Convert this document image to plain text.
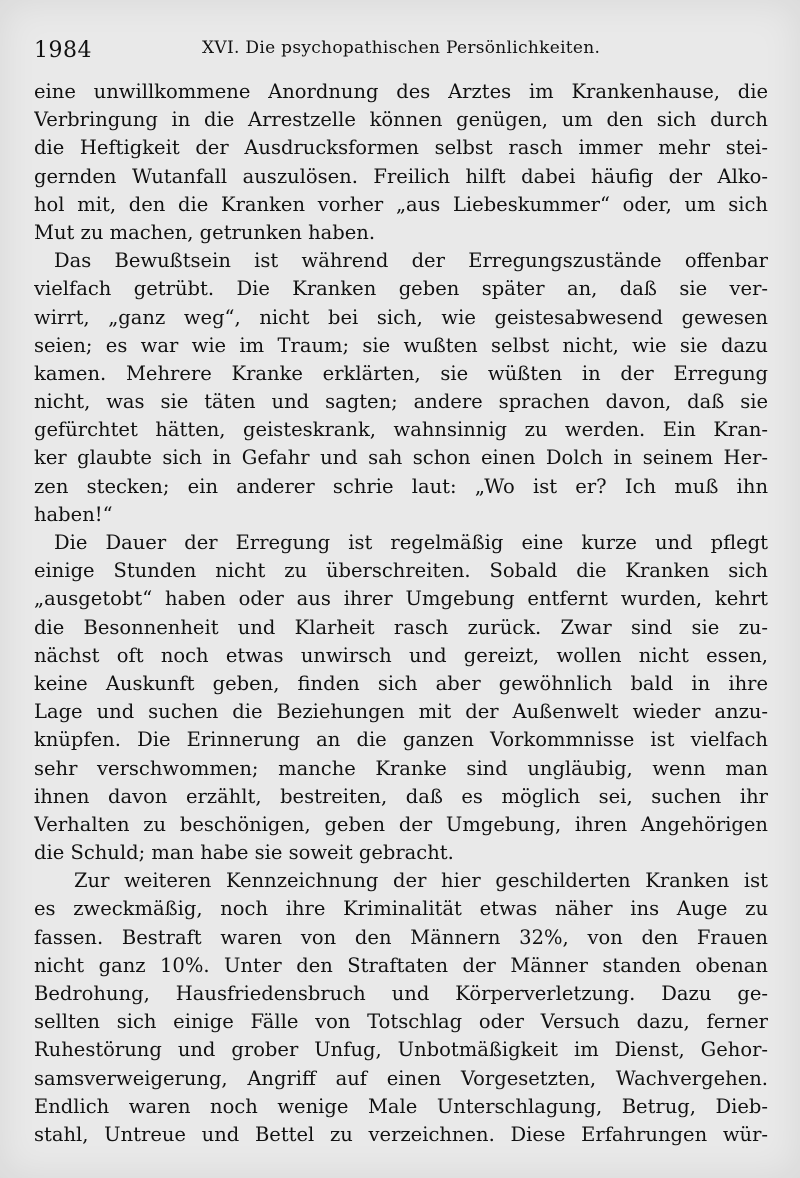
1984	XVI. Die psychopathischen Persönlichkeiten.
eine unwillkommene Anordnung des Arztes im Krankenhause, die
Verbringung in die Arrestzelle können genügen, um den sich durch
die Heftigkeit der Ausdrucksformen selbst rasch immer mehr stei-
gernden Wutanfall auszulösen. Freilich hilft dabei häufig der Alko-
hol mit, den die Kranken vorher „aus Liebeskummer“ oder, um sich
Mut zu machen, getrunken haben.
Das Bewußtsein ist während der Erregungszustände offenbar
vielfach getrübt. Die Kranken geben später an, daß sie ver-
wirrt, „ganz weg“, nicht bei sich, wie geistesabwesend gewesen
seien; es war wie im Traum; sie wußten selbst nicht, wie sie dazu
kamen. Mehrere Kranke erklärten, sie wüßten in der Erregung
nicht, was sie täten und sagten; andere sprachen davon, daß sie
gefürchtet hätten, geisteskrank, wahnsinnig zu werden. Ein Kran-
ker glaubte sich in Gefahr und sah schon einen Dolch in seinem Her-
zen stecken; ein anderer schrie laut: „Wo ist er? Ich muß ihn
haben!“
Die Dauer der Erregung ist regelmäßig eine kurze und pflegt
einige Stunden nicht zu überschreiten. Sobald die Kranken sich
„ausgetobt“ haben oder aus ihrer Umgebung entfernt wurden, kehrt
die Besonnenheit und Klarheit rasch zurück. Zwar sind sie zu-
nächst oft noch etwas unwirsch und gereizt, wollen nicht essen,
keine Auskunft geben, finden sich aber gewöhnlich bald in ihre
Lage und suchen die Beziehungen mit der Außenwelt wieder anzu-
knüpfen. Die Erinnerung an die ganzen Vorkommnisse ist vielfach
sehr verschwommen; manche Kranke sind ungläubig, wenn man
ihnen davon erzählt, bestreiten, daß es möglich sei, suchen ihr
Verhalten zu beschönigen, geben der Umgebung, ihren Angehörigen
die Schuld; man habe sie soweit gebracht.
Zur weiteren Kennzeichnung der hier geschilderten Kranken ist
es zweckmäßig, noch ihre Kriminalität etwas näher ins Auge zu
fassen. Bestraft waren von den Männern 32%, von den Frauen
nicht ganz 10%. Unter den Straftaten der Männer standen obenan
Bedrohung, Hausfriedensbruch und Körperverletzung. Dazu ge-
sellten sich einige Fälle von Totschlag oder Versuch dazu, ferner
Ruhestörung und grober Unfug, Unbotmäßigkeit im Dienst, Gehor-
samsverweigerung, Angriff auf einen Vorgesetzten, Wachvergehen.
Endlich waren noch wenige Male Unterschlagung, Betrug, Dieb-
stahl, Untreue und Bettel zu verzeichnen. Diese Erfahrungen wür-
